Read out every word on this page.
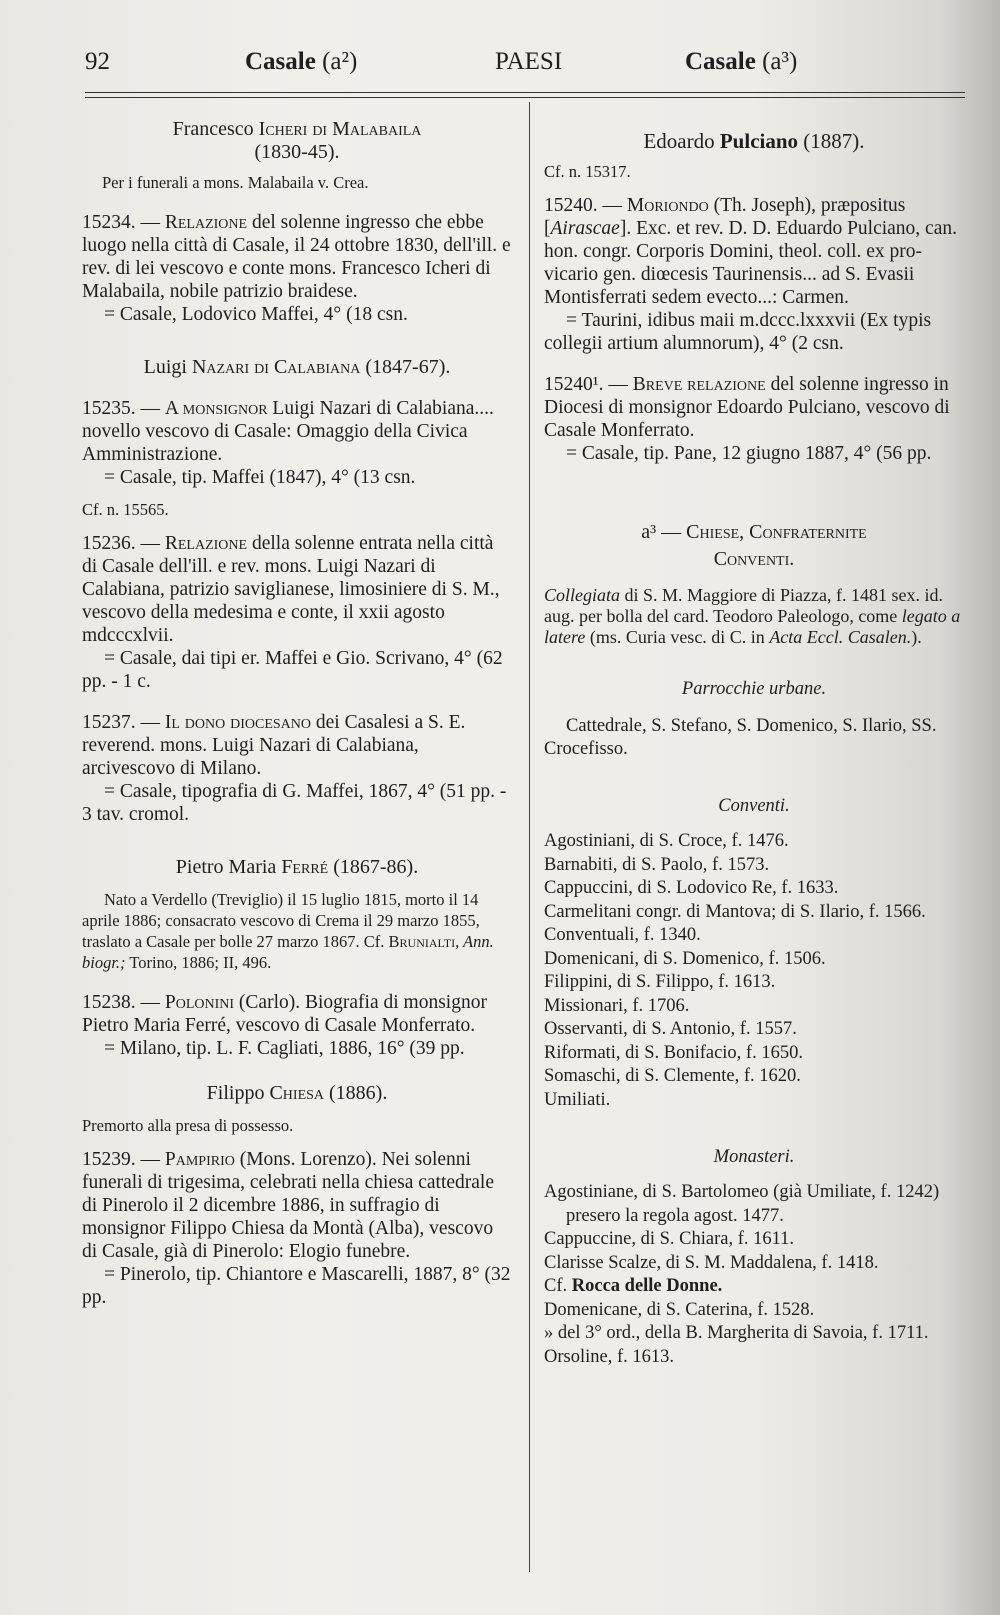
92	Casale (a²)	PAESI	Casale (a³)

Francesco Icheri di Malabaila

(1830-45).

Per i funerali a mons. Malabaila v. Crea.

15234. — Relazione del solenne ingresso che ebbe luogo nella città di Casale, il 24 ottobre 1830, dell'ill. e rev. di lei vescovo e conte mons. Francesco Icheri di Malabaila, nobile patrizio braidese.

= Casale, Lodovico Maffei, 4° (18 csn.

Luigi Nazari di Calabiana (1847-67).

15235. — A monsignor Luigi Nazari di Calabiana.... novello vescovo di Casale: Omaggio della Civica Amministrazione.

= Casale, tip. Maffei (1847), 4° (13 csn.

Cf. n. 15565.

15236. — Relazione della solenne entrata nella città di Casale dell'ill. e rev. mons. Luigi Nazari di Calabiana, patrizio saviglianese, limosiniere di S. M., vescovo della medesima e conte, il xxii agosto mdcccxlvii.

= Casale, dai tipi er. Maffei e Gio. Scrivano, 4° (62 pp. - 1 c.

15237. — Il dono diocesano dei Casalesi a S. E. reverend. mons. Luigi Nazari di Calabiana, arcivescovo di Milano.

= Casale, tipografia di G. Maffei, 1867, 4° (51 pp. - 3 tav. cromol.

Pietro Maria Ferré (1867-86).

Nato a Verdello (Treviglio) il 15 luglio 1815, morto il 14 aprile 1886; consacrato vescovo di Crema il 29 marzo 1855, traslato a Casale per bolle 27 marzo 1867. Cf. Brunialti, Ann. biogr.; Torino, 1886; II, 496.

15238. — Polonini (Carlo). Biografia di monsignor Pietro Maria Ferré, vescovo di Casale Monferrato.

= Milano, tip. L. F. Cagliati, 1886, 16° (39 pp.

Filippo Chiesa (1886).

Premorto alla presa di possesso.

15239. — Pampirio (Mons. Lorenzo). Nei solenni funerali di trigesima, celebrati nella chiesa cattedrale di Pinerolo il 2 dicembre 1886, in suffragio di monsignor Filippo Chiesa da Montà (Alba), vescovo di Casale, già di Pinerolo: Elogio funebre.

= Pinerolo, tip. Chiantore e Mascarelli, 1887, 8° (32 pp.

Edoardo Pulciano (1887).

Cf. n. 15317.

15240. — Moriondo (Th. Joseph), præpositus [Airascae]. Exc. et rev. D. D. Eduardo Pulciano, can. hon. congr. Corporis Domini, theol. coll. ex pro-vicario gen. diœcesis Taurinensis... ad S. Evasii Montisferrati sedem evecto...: Carmen.

= Taurini, idibus maii m.dccc.lxxxvii (Ex typis collegii artium alumnorum), 4° (2 csn.

15240¹. — Breve relazione del solenne ingresso in Diocesi di monsignor Edoardo Pulciano, vescovo di Casale Monferrato.

= Casale, tip. Pane, 12 giugno 1887, 4° (56 pp.

a³ — Chiese, Confraternite

Conventi.

Collegiata di S. M. Maggiore di Piazza, f. 1481 sex. id. aug. per bolla del card. Teodoro Paleologo, come legato a latere (ms. Curia vesc. di C. in Acta Eccl. Casalen.).

Parrocchie urbane.

Cattedrale, S. Stefano, S. Domenico, S. Ilario, SS. Crocefisso.

Conventi.

Agostiniani, di S. Croce, f. 1476.

Barnabiti, di S. Paolo, f. 1573.

Cappuccini, di S. Lodovico Re, f. 1633.

Carmelitani congr. di Mantova; di S. Ilario, f. 1566.

Conventuali, f. 1340.

Domenicani, di S. Domenico, f. 1506.

Filippini, di S. Filippo, f. 1613.

Missionari, f. 1706.

Osservanti, di S. Antonio, f. 1557.

Riformati, di S. Bonifacio, f. 1650.

Somaschi, di S. Clemente, f. 1620.

Umiliati.

Monasteri.

Agostiniane, di S. Bartolomeo (già Umiliate, f. 1242) presero la regola agost. 1477.

Cappuccine, di S. Chiara, f. 1611.

Clarisse Scalze, di S. M. Maddalena, f. 1418.

Cf. Rocca delle Donne.

Domenicane, di S. Caterina, f. 1528.

» del 3° ord., della B. Margherita di Savoia, f. 1711.

Orsoline, f. 1613.
